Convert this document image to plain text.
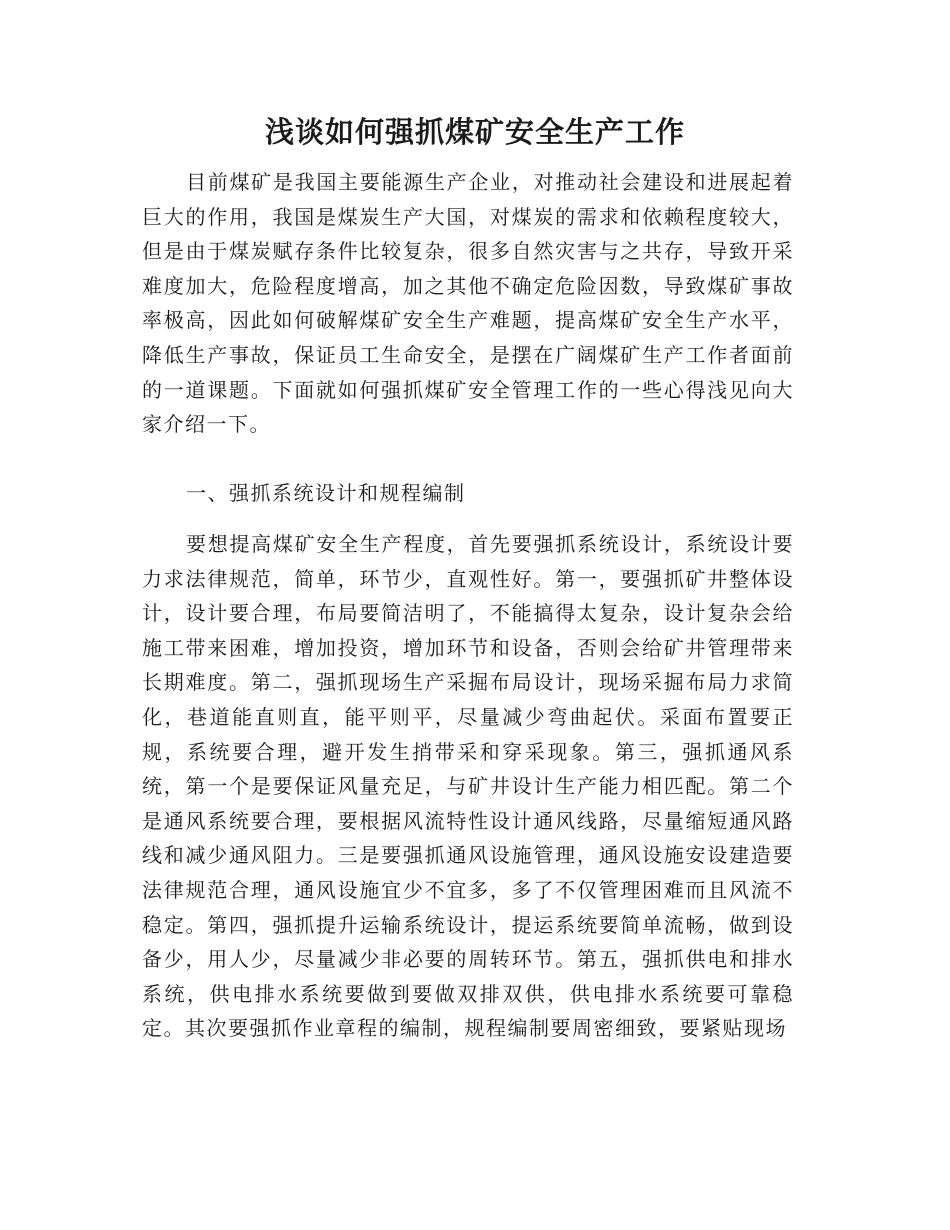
浅谈如何强抓煤矿安全生产工作

目前煤矿是我国主要能源生产企业，对推动社会建设和进展起着巨大的作用，我国是煤炭生产大国，对煤炭的需求和依赖程度较大，但是由于煤炭赋存条件比较复杂，很多自然灾害与之共存，导致开采难度加大，危险程度增高，加之其他不确定危险因数，导致煤矿事故率极高，因此如何破解煤矿安全生产难题，提高煤矿安全生产水平，降低生产事故，保证员工生命安全，是摆在广阔煤矿生产工作者面前的一道课题。下面就如何强抓煤矿安全管理工作的一些心得浅见向大家介绍一下。

一、强抓系统设计和规程编制

要想提高煤矿安全生产程度，首先要强抓系统设计，系统设计要力求法律规范，简单，环节少，直观性好。第一，要强抓矿井整体设计，设计要合理，布局要简洁明了，不能搞得太复杂，设计复杂会给施工带来困难，增加投资，增加环节和设备，否则会给矿井管理带来长期难度。第二，强抓现场生产采掘布局设计，现场采掘布局力求简化，巷道能直则直，能平则平，尽量减少弯曲起伏。采面布置要正规，系统要合理，避开发生捎带采和穿采现象。第三，强抓通风系统，第一个是要保证风量充足，与矿井设计生产能力相匹配。第二个是通风系统要合理，要根据风流特性设计通风线路，尽量缩短通风路线和减少通风阻力。三是要强抓通风设施管理，通风设施安设建造要法律规范合理，通风设施宜少不宜多，多了不仅管理困难而且风流不稳定。第四，强抓提升运输系统设计，提运系统要简单流畅，做到设备少，用人少，尽量减少非必要的周转环节。第五，强抓供电和排水系统，供电排水系统要做到要做双排双供，供电排水系统要可靠稳定。其次要强抓作业章程的编制，规程编制要周密细致，要紧贴现场
